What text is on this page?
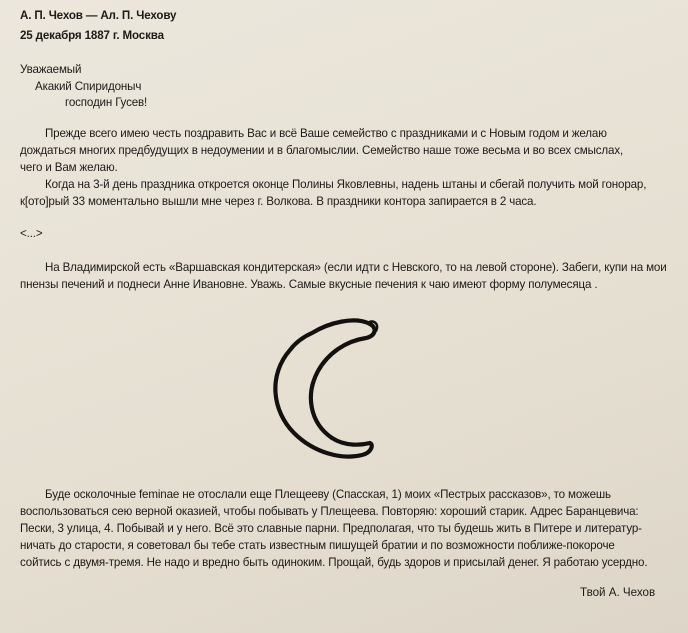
А. П. Чехов — Ал. П. Чехову
25 декабря 1887 г. Москва
Уважаемый
Акакий Спиридоныч
господин Гусев!
Прежде всего имею честь поздравить Вас и всё Ваше семейство с праздниками и с Новым годом и желаю
дождаться многих предбудущих в недоумении и в благомыслии. Семейство наше тоже весьма и во всех смыслах,
чего и Вам желаю.
Когда на 3-й день праздника откроется оконце Полины Яковлевны, надень штаны и сбегай получить мой гонорар,
к[ото]рый 33 моментально вышли мне через г. Волкова. В праздники контора запирается в 2 часа.
<...>
На Владимирской есть «Варшавская кондитерская» (если идти с Невского, то на левой стороне). Забеги, купи на мои
пнензы печений и поднеси Анне Ивановне. Уважь. Самые вкусные печения к чаю имеют форму полумесяца .
Буде осколочные feminae не отослали еще Плещееву (Спасская, 1) моих «Пестрых рассказов», то можешь
воспользоваться сею верной оказией, чтобы побывать у Плещеева. Повторяю: хороший старик. Адрес Баранцевича:
Пески, 3 улица, 4. Побывай и у него. Всё это славные парни. Предполагая, что ты будешь жить в Питере и литератур-
ничать до старости, я советовал бы тебе стать известным пишущей братии и по возможности поближе-покороче
сойтись с двумя-тремя. Не надо и вредно быть одиноким. Прощай, будь здоров и присылай денег. Я работаю усердно.
Твой А. Чехов
